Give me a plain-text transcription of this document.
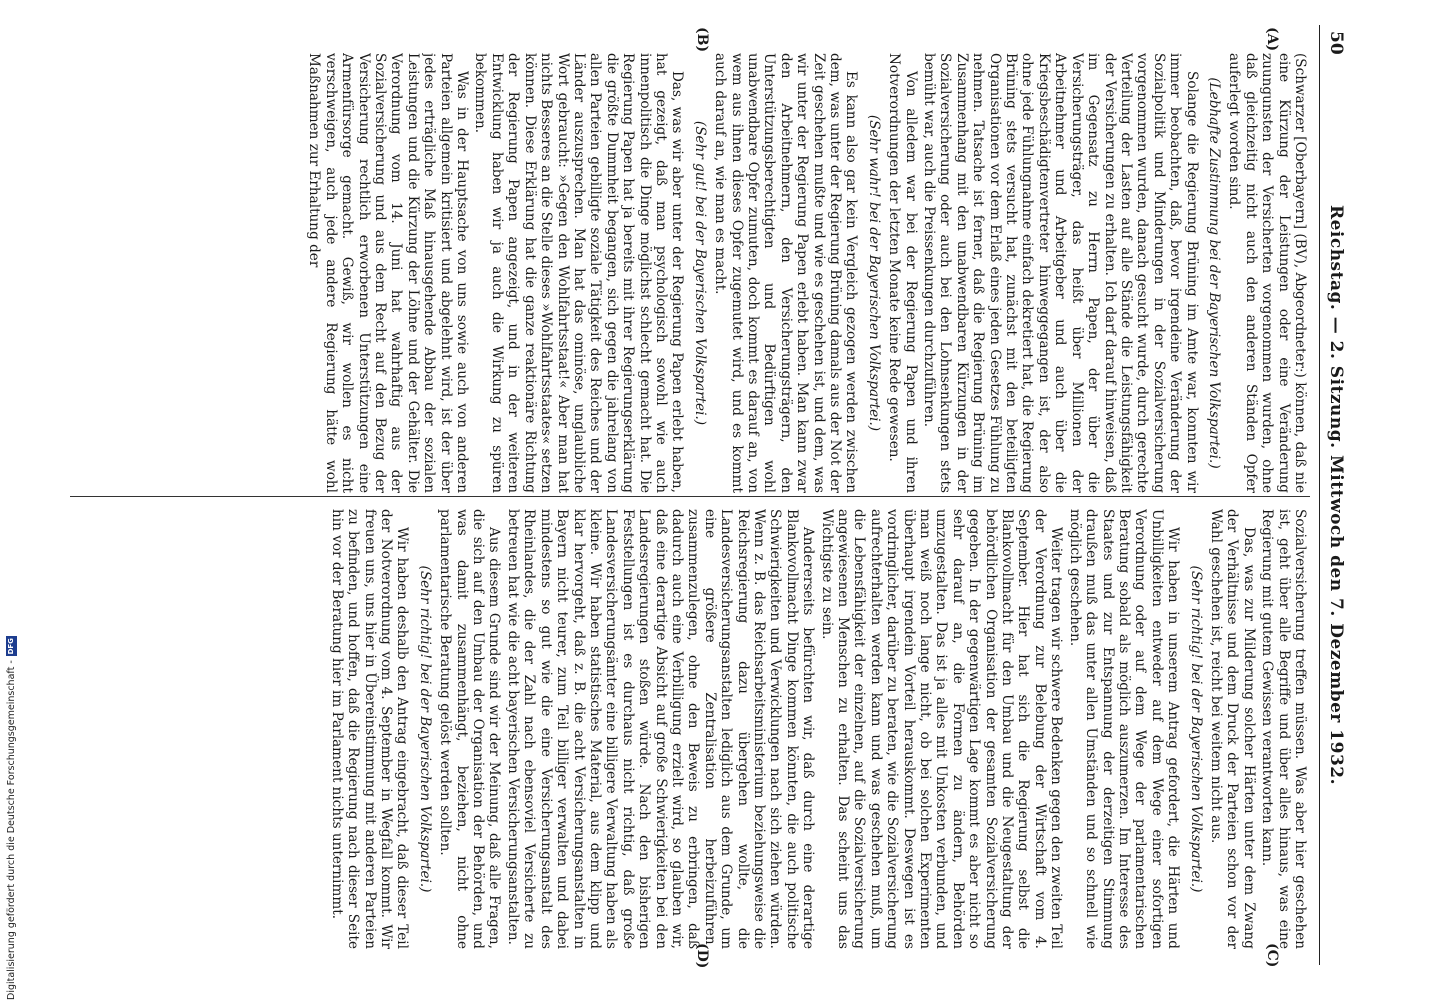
50
Reichstag. — 2. Sitzung. Mittwoch den 7. Dezember 1932.
(A)
(B)
(C)
(D)

(Schwarzer [Oberbayern] (BV), Abgeordneter:) können, daß nie eine Kürzung der Leistungen oder eine Veränderung zuungunsten der Versicherten vorgenommen wurden, ohne daß gleichzeitig nicht auch den anderen Ständen Opfer auferlegt worden sind.

(Lebhafte Zustimmung bei der Bayerischen Volkspartei.)

Solange die Regierung Brüning im Amte war, konnten wir immer beobachten, daß, bevor irgendeine Veränderung der Sozialpolitik und Minderungen in der Sozialversicherung vorgenommen wurden, danach gesucht wurde, durch gerechte Verteilung der Lasten auf alle Stände die Leistungsfähigkeit der Versicherungen zu erhalten. Ich darf darauf hinweisen, daß im Gegensatz zu Herrn Papen, der über die Versicherungsträger, das heißt über Millionen der Arbeitnehmer und Arbeitgeber und auch über die Kriegsbeschädigtenvertreter hinweggegangen ist, der also ohne jede Fühlungnahme einfach dekretiert hat, die Regierung Brüning stets versucht hat, zunächst mit den beteiligten Organisationen vor dem Erlaß eines jeden Gesetzes Fühlung zu nehmen. Tatsache ist ferner, daß die Regierung Brüning im Zusammenhang mit den unabwendbaren Kürzungen in der Sozialversicherung oder auch bei den Lohnsenkungen stets bemüht war, auch die Preissenkungen durchzuführen.

Von alledem war bei der Regierung Papen und ihren Notverordnungen der letzten Monate keine Rede gewesen.

(Sehr wahr! bei der Bayerischen Volkspartei.)

Es kann also gar kein Vergleich gezogen werden zwischen dem, was unter der Regierung Brüning damals aus der Not der Zeit geschehen mußte und wie es geschehen ist, und dem, was wir unter der Regierung Papen erlebt haben. Man kann zwar den Arbeitnehmern, den Versicherungsträgern, den Unterstützungsberechtigten und Bedürftigen wohl unabwendbare Opfer zumuten, doch kommt es darauf an, von wem aus ihnen dieses Opfer zugemutet wird, und es kommt auch darauf an, wie man es macht.

(Sehr gut! bei der Bayerischen Volkspartei.)

Das, was wir aber unter der Regierung Papen erlebt haben, hat gezeigt, daß man psychologisch sowohl wie auch innenpolitisch die Dinge möglichst schlecht gemacht hat. Die Regierung Papen hat ja bereits mit ihrer Regierungserklärung die größte Dummheit begangen, sich gegen die jahrelang von allen Parteien gebilligte soziale Tätigkeit des Reiches und der Länder auszusprechen. Man hat das ominöse, unglaubliche Wort gebraucht: »Gegen den Wohlfahrtsstaat!« Aber man hat nichts Besseres an die Stelle dieses »Wohlfahrtsstaates« setzen können. Diese Erklärung hat die ganze reaktionäre Richtung der Regierung Papen angezeigt, und in der weiteren Entwicklung haben wir ja auch die Wirkung zu spüren bekommen.

Was in der Hauptsache von uns sowie auch von anderen Parteien allgemein kritisiert und abgelehnt wird, ist der über jedes erträgliche Maß hinausgehende Abbau der sozialen Leistungen und die Kürzung der Löhne und der Gehälter. Die Verordnung vom 14. Juni hat wahrhaftig aus der Sozialversicherung und aus dem Recht auf den Bezug der Versicherung rechtlich erworbenen Unterstützungen eine Armenfürsorge gemacht. Gewiß, wir wollen es nicht verschweigen, auch jede andere Regierung hätte wohl Maßnahmen zur Erhaltung der

Sozialversicherung treffen müssen. Was aber hier geschehen ist, geht über alle Begriffe und über alles hinaus, was eine Regierung mit gutem Gewissen verantworten kann.

Das, was zur Milderung solcher Härten unter dem Zwang der Verhältnisse und dem Druck der Parteien schon vor der Wahl geschehen ist, reicht bei weitem nicht aus.

(Sehr richtig! bei der Bayerischen Volkspartei.)

Wir haben in unserem Antrag gefordert, die Härten und Unbilligkeiten entweder auf dem Wege einer sofortigen Verordnung oder auf dem Wege der parlamentarischen Beratung sobald als möglich auszumerzen. Im Interesse des Staates und zur Entspannung der derzeitigen Stimmung draußen muß das unter allen Umständen und so schnell wie möglich geschehen.

Weiter tragen wir schwere Bedenken gegen den zweiten Teil der Verordnung zur Belebung der Wirtschaft vom 4. September. Hier hat sich die Regierung selbst die Blankovollmacht für den Umbau und die Neugestaltung der behördlichen Organisation der gesamten Sozialversicherung gegeben. In der gegenwärtigen Lage kommt es aber nicht so sehr darauf an, die Formen zu ändern, Behörden umzugestalten. Das ist ja alles mit Unkosten verbunden, und man weiß noch lange nicht, ob bei solchen Experimenten überhaupt irgendein Vorteil herauskommt. Deswegen ist es vordringlicher, darüber zu beraten, wie die Sozialversicherung aufrechterhalten werden kann und was geschehen muß, um die Lebensfähigkeit der einzelnen, auf die Sozialversicherung angewiesenen Menschen zu erhalten. Das scheint uns das Wichtigste zu sein.

Andererseits befürchten wir, daß durch eine derartige Blankovollmacht Dinge kommen könnten, die auch politische Schwierigkeiten und Verwicklungen nach sich ziehen würden. Wenn z. B. das Reichsarbeitsministerium beziehungsweise die Reichsregierung dazu übergehen wollte, die Landesversicherungsanstalten lediglich aus dem Grunde, um eine größere Zentralisation herbeizuführen, zusammenzulegen, ohne den Beweis zu erbringen, daß dadurch auch eine Verbilligung erzielt wird, so glauben wir, daß eine derartige Absicht auf große Schwierigkeiten bei den Landesregierungen stoßen würde. Nach den bisherigen Feststellungen ist es durchaus nicht richtig, daß große Landesversicherungsämter eine billigere Verwaltung haben als kleine. Wir haben statistisches Material, aus dem klipp und klar hervorgeht, daß z. B. die acht Versicherungsanstalten in Bayern nicht teurer, zum Teil billiger verwalten und dabei mindestens so gut wie die eine Versicherungsanstalt des Rheinlandes, die der Zahl nach ebensoviel Versicherte zu betreuen hat wie die acht bayerischen Versicherungsanstalten.

Aus diesem Grunde sind wir der Meinung, daß alle Fragen, die sich auf den Umbau der Organisation der Behörden, und was damit zusammenhängt, beziehen, nicht ohne parlamentarische Beratung gelöst werden sollten.

(Sehr richtig! bei der Bayerischen Volkspartei.)

Wir haben deshalb den Antrag eingebracht, daß dieser Teil der Notverordnung vom 4. September in Wegfall kommt. Wir freuen uns, uns hier in Übereinstimmung mit anderen Parteien zu befinden, und hoffen, daß die Regierung nach dieser Seite hin vor der Beratung hier im Parlament nichts unternimmt.

Digitalisierung gefördert durch die Deutsche Forschungsgemeinschaft -
DFG
